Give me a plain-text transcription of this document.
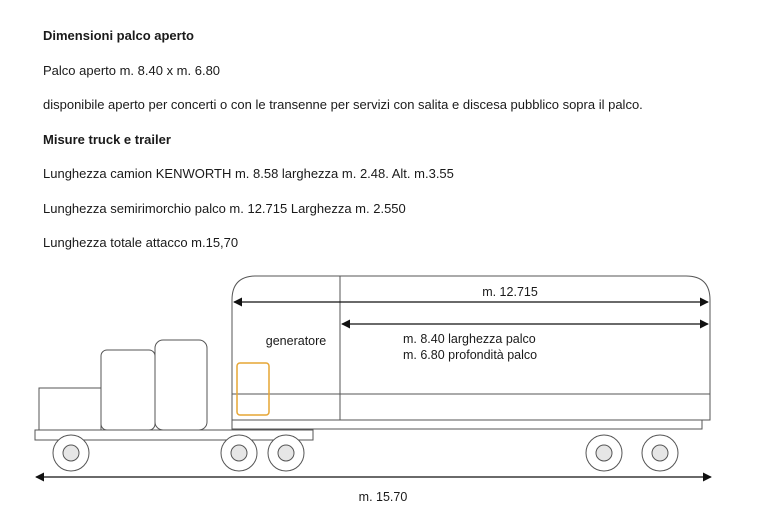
Dimensioni palco aperto

Palco aperto m. 8.40 x m. 6.80

disponibile aperto per concerti o con le transenne per servizi con salita e discesa pubblico sopra il palco.

Misure truck e trailer

Lunghezza camion KENWORTH m. 8.58 larghezza m. 2.48. Alt. m.3.55

Lunghezza semirimorchio palco m. 12.715 Larghezza m. 2.550

Lunghezza totale attacco m.15,70

m. 12.715
generatore	m. 8.40 larghezza palco
m. 6.80 profondità palco
m. 15.70
